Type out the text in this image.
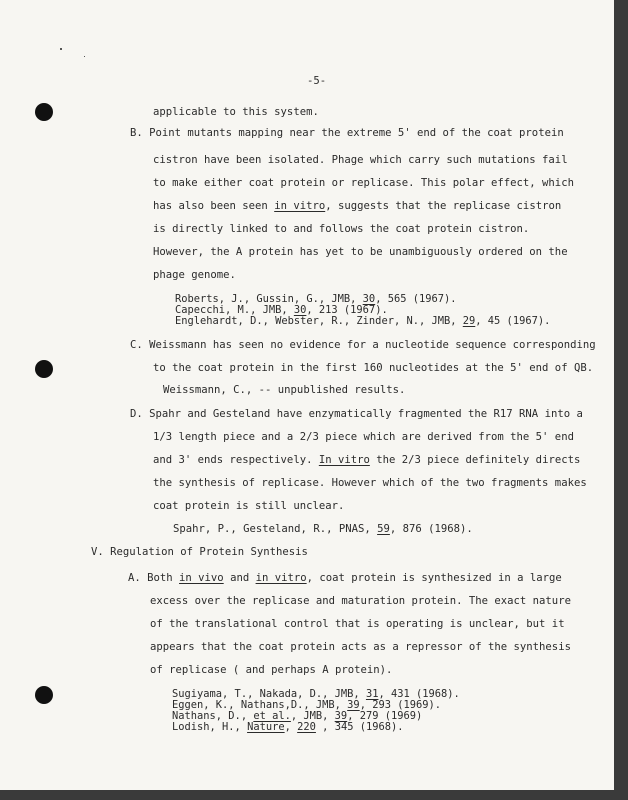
-5-
applicable to this system.
B. Point mutants mapping near the extreme 5' end of the coat protein
cistron have been isolated. Phage which carry such mutations fail
to make either coat protein or replicase. This polar effect, which
has also been seen in vitro, suggests that the replicase cistron
is directly linked to and follows the coat protein cistron.
However, the A protein has yet to be unambiguously ordered on the
phage genome.
Roberts, J., Gussin, G., JMB, 30, 565 (1967).
Capecchi, M., JMB, 30, 213 (1967).
Englehardt, D., Webster, R., Zinder, N., JMB, 29, 45 (1967).
C. Weissmann has seen no evidence for a nucleotide sequence corresponding
to the coat protein in the first 160 nucleotides at the 5' end of QB.
Weissmann, C., -- unpublished results.
D. Spahr and Gesteland have enzymatically fragmented the R17 RNA into a
1/3 length piece and a 2/3 piece which are derived from the 5' end
and 3' ends respectively. In vitro the 2/3 piece definitely directs
the synthesis of replicase. However which of the two fragments makes
coat protein is still unclear.
Spahr, P., Gesteland, R., PNAS, 59, 876 (1968).
V. Regulation of Protein Synthesis
A. Both in vivo and in vitro, coat protein is synthesized in a large
excess over the replicase and maturation protein. The exact nature
of the translational control that is operating is unclear, but it
appears that the coat protein acts as a repressor of the synthesis
of replicase ( and perhaps A protein).
Sugiyama, T., Nakada, D., JMB, 31, 431 (1968).
Eggen, K., Nathans,D., JMB, 39, 293 (1969).
Nathans, D., et al., JMB, 39, 279 (1969)
Lodish, H., Nature, 220 , 345 (1968).
